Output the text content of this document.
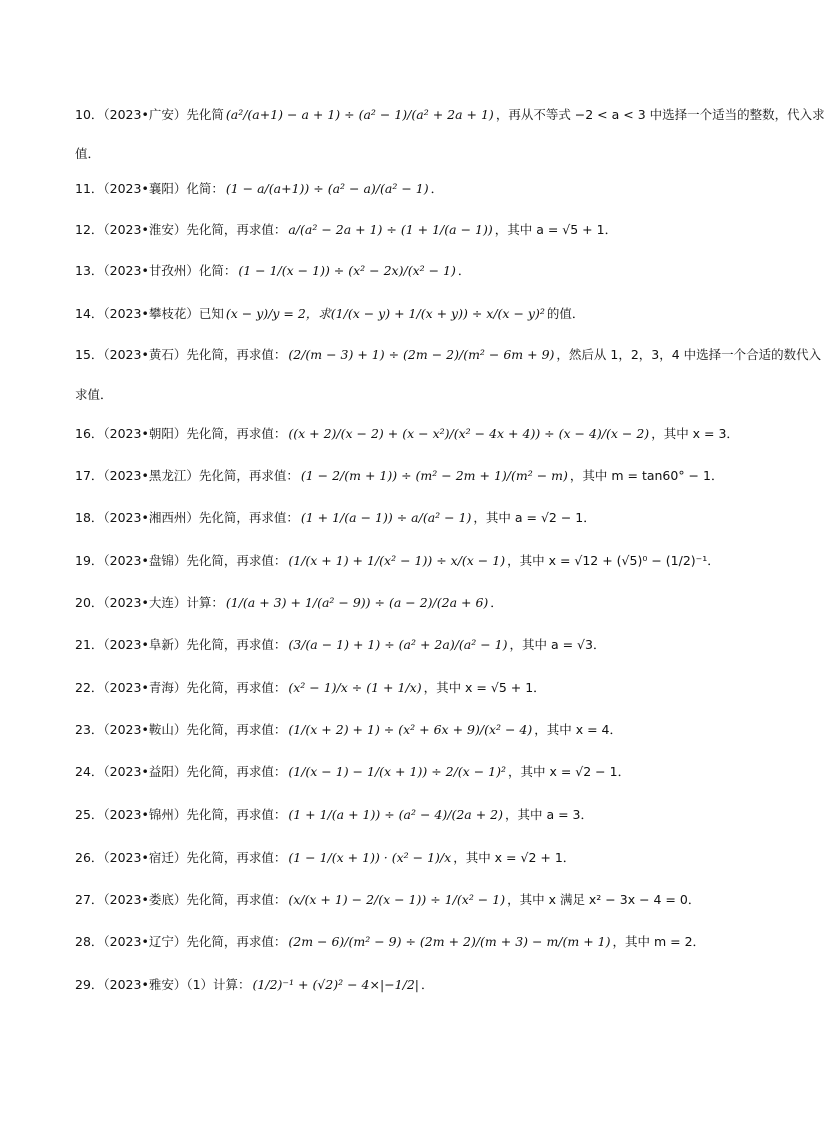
10．（2023•广安）先化简 (a²/(a+1) − a + 1) ÷ (a² − 1)/(a² + 2a + 1) ，再从不等式 −2 < a < 3 中选择一个适当的整数，代入求
值．
11．（2023•襄阳）化简： (1 − a/(a+1)) ÷ (a² − a)/(a² − 1) ．
12．（2023•淮安）先化简，再求值： a/(a² − 2a + 1) ÷ (1 + 1/(a − 1)) ，其中 a = √5 + 1．
13．（2023•甘孜州）化简： (1 − 1/(x − 1)) ÷ (x² − 2x)/(x² − 1) ．
14．（2023•攀枝花）已知 (x − y)/y = 2，求(1/(x − y) + 1/(x + y)) ÷ x/(x − y)² 的值．
15．（2023•黄石）先化简，再求值： (2/(m − 3) + 1) ÷ (2m − 2)/(m² − 6m + 9) ，然后从 1，2，3，4 中选择一个合适的数代入
求值．
16．（2023•朝阳）先化简，再求值： ((x + 2)/(x − 2) + (x − x²)/(x² − 4x + 4)) ÷ (x − 4)/(x − 2) ，其中 x = 3．
17．（2023•黑龙江）先化简，再求值： (1 − 2/(m + 1)) ÷ (m² − 2m + 1)/(m² − m) ，其中 m = tan60° − 1．
18．（2023•湘西州）先化简，再求值： (1 + 1/(a − 1)) ÷ a/(a² − 1) ，其中 a = √2 − 1．
19．（2023•盘锦）先化简，再求值： (1/(x + 1) + 1/(x² − 1)) ÷ x/(x − 1) ，其中 x = √12 + (√5)⁰ − (1/2)⁻¹．
20．（2023•大连）计算： (1/(a + 3) + 1/(a² − 9)) ÷ (a − 2)/(2a + 6) ．
21．（2023•阜新）先化简，再求值： (3/(a − 1) + 1) ÷ (a² + 2a)/(a² − 1) ，其中 a = √3．
22．（2023•青海）先化简，再求值： (x² − 1)/x ÷ (1 + 1/x) ，其中 x = √5 + 1．
23．（2023•鞍山）先化简，再求值： (1/(x + 2) + 1) ÷ (x² + 6x + 9)/(x² − 4) ，其中 x = 4．
24．（2023•益阳）先化简，再求值： (1/(x − 1) − 1/(x + 1)) ÷ 2/(x − 1)² ，其中 x = √2 − 1．
25．（2023•锦州）先化简，再求值： (1 + 1/(a + 1)) ÷ (a² − 4)/(2a + 2) ，其中 a = 3．
26．（2023•宿迁）先化简，再求值： (1 − 1/(x + 1)) · (x² − 1)/x ，其中 x = √2 + 1．
27．（2023•娄底）先化简，再求值： (x/(x + 1) − 2/(x − 1)) ÷ 1/(x² − 1) ，其中 x 满足 x² − 3x − 4 = 0．
28．（2023•辽宁）先化简，再求值： (2m − 6)/(m² − 9) ÷ (2m + 2)/(m + 3) − m/(m + 1) ，其中 m = 2．
29．（2023•雅安）（1）计算： (1/2)⁻¹ + (√2)² − 4×|−1/2| ．
